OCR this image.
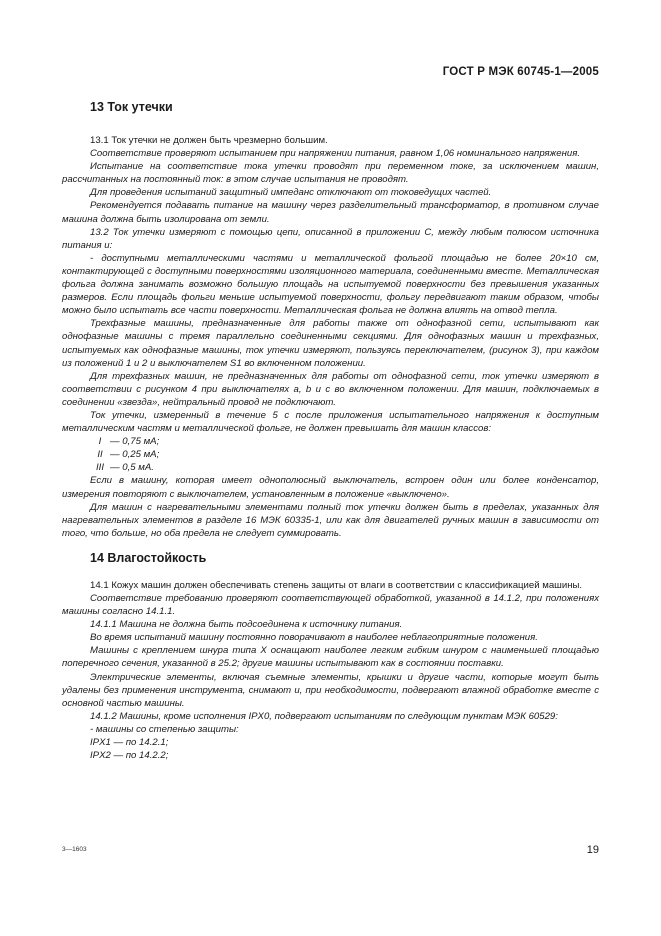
ГОСТ Р МЭК 60745-1—2005
13 Ток утечки

13.1 Ток утечки не должен быть чрезмерно большим.

Соответствие проверяют испытанием при напряжении питания, равном 1,06 номинального напряжения.

Испытание на соответствие тока утечки проводят при переменном токе, за исключением машин, рассчитанных на постоянный ток: в этом случае испытания не проводят.

Для проведения испытаний защитный импеданс отключают от токоведущих частей.

Рекомендуется подавать питание на машину через разделительный трансформатор, в противном случае машина должна быть изолирована от земли.

13.2 Ток утечки измеряют с помощью цепи, описанной в приложении С, между любым полюсом источника питания и:

- доступными металлическими частями и металлической фольгой площадью не более 20×10 см, контактирующей с доступными поверхностями изоляционного материала, соединенными вместе. Металлическая фольга должна занимать возможно большую площадь на испытуемой поверхности без превышения указанных размеров. Если площадь фольги меньше испытуемой поверхности, фольгу передвигают таким образом, чтобы можно было испытать все части поверхности. Металлическая фольга не должна влиять на отвод тепла.

Трехфазные машины, предназначенные для работы также от однофазной сети, испытывают как однофазные машины с тремя параллельно соединенными секциями. Для однофазных машин и трехфазных, испытуемых как однофазные машины, ток утечки измеряют, пользуясь переключателем, (рисунок 3), при каждом из положений 1 и 2 и выключателем S1 во включенном положении.

Для трехфазных машин, не предназначенных для работы от однофазной сети, ток утечки измеряют в соответствии с рисунком 4 при выключателях a, b и c во включенном положении. Для машин, подключаемых в соединении «звезда», нейтральный провод не подключают.

Ток утечки, измеренный в течение 5 с после приложения испытательного напряжения к доступным металлическим частям и металлической фольге, не должен превышать для машин классов:

I — 0,75 мА;
II — 0,25 мА;
III — 0,5 мА.

Если в машину, которая имеет однополюсный выключатель, встроен один или более конденсатор, измерения повторяют с выключателем, установленным в положение «выключено».

Для машин с нагревательными элементами полный ток утечки должен быть в пределах, указанных для нагревательных элементов в разделе 16 МЭК 60335-1, или как для двигателей ручных машин в зависимости от того, что больше, но оба предела не следует суммировать.

14 Влагостойкость

14.1 Кожух машин должен обеспечивать степень защиты от влаги в соответствии с классификацией машины.

Соответствие требованию проверяют соответствующей обработкой, указанной в 14.1.2, при положениях машины согласно 14.1.1.

14.1.1 Машина не должна быть подсоединена к источнику питания.

Во время испытаний машину постоянно поворачивают в наиболее неблагоприятные положения.

Машины с креплением шнура типа X оснащают наиболее легким гибким шнуром с наименьшей площадью поперечного сечения, указанной в 25.2; другие машины испытывают как в состоянии поставки.

Электрические элементы, включая съемные элементы, крышки и другие части, которые могут быть удалены без применения инструмента, снимают и, при необходимости, подвергают влажной обработке вместе с основной частью машины.

14.1.2 Машины, кроме исполнения IPX0, подвергают испытаниям по следующим пунктам МЭК 60529:

- машины со степенью защиты:

IPX1 — по 14.2.1;
IPX2 — по 14.2.2;
3—1603	19
